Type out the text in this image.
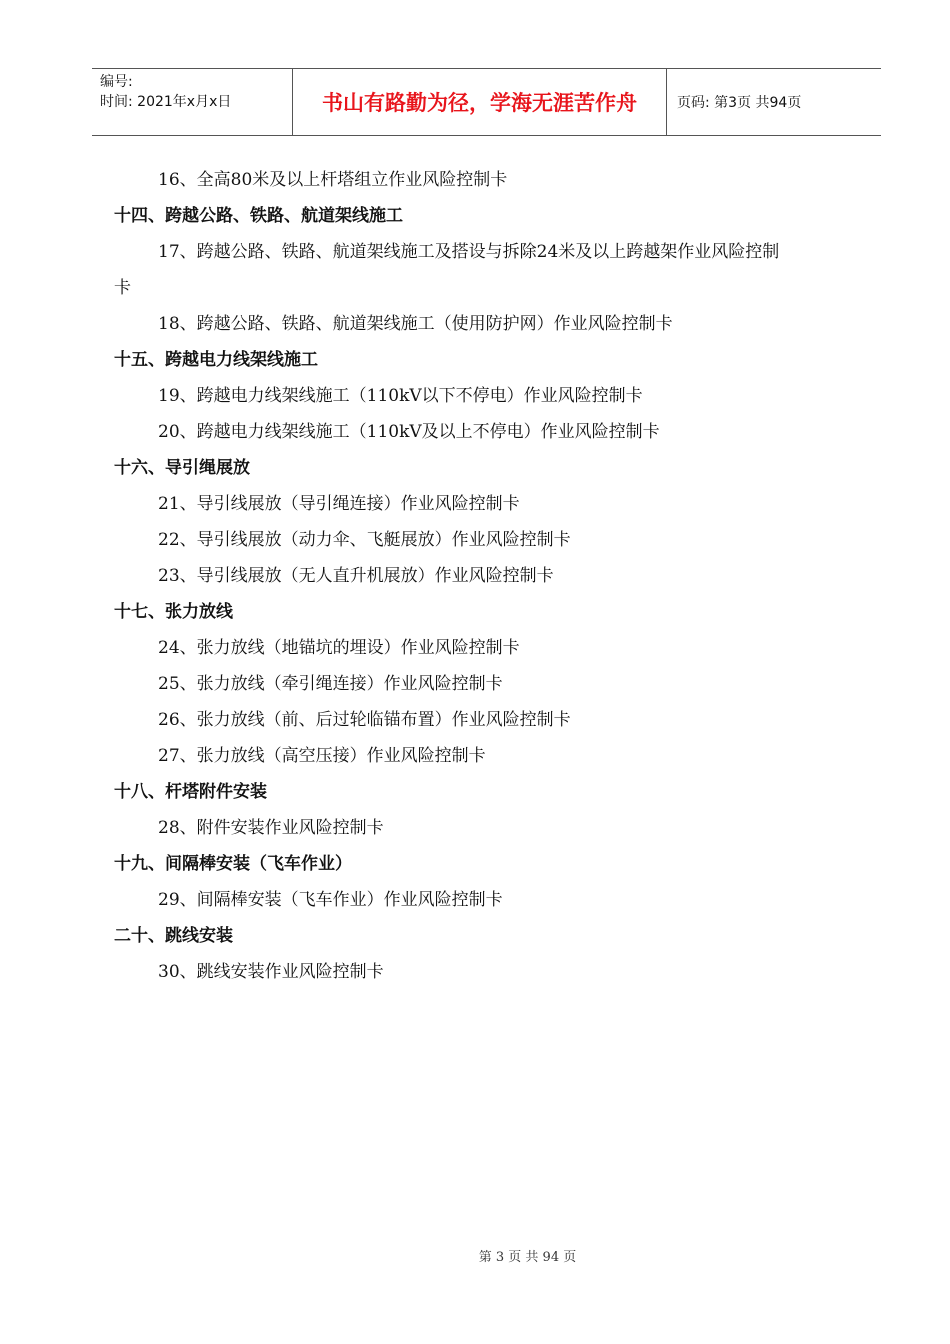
编号:
时间: 2021年x月x日	书山有路勤为径，学海无涯苦作舟	页码: 第3页 共94页
16、全高80米及以上杆塔组立作业风险控制卡
十四、跨越公路、铁路、航道架线施工
17、跨越公路、铁路、航道架线施工及搭设与拆除24米及以上跨越架作业风险控制
卡
18、跨越公路、铁路、航道架线施工（使用防护网）作业风险控制卡
十五、跨越电力线架线施工
19、跨越电力线架线施工（110kV以下不停电）作业风险控制卡
20、跨越电力线架线施工（110kV及以上不停电）作业风险控制卡
十六、导引绳展放
21、导引线展放（导引绳连接）作业风险控制卡
22、导引线展放（动力伞、飞艇展放）作业风险控制卡
23、导引线展放（无人直升机展放）作业风险控制卡
十七、张力放线
24、张力放线（地锚坑的埋设）作业风险控制卡
25、张力放线（牵引绳连接）作业风险控制卡
26、张力放线（前、后过轮临锚布置）作业风险控制卡
27、张力放线（高空压接）作业风险控制卡
十八、杆塔附件安装
28、附件安装作业风险控制卡
十九、间隔棒安装（飞车作业）
29、间隔棒安装（飞车作业）作业风险控制卡
二十、跳线安装
30、跳线安装作业风险控制卡
第 3 页 共 94 页
